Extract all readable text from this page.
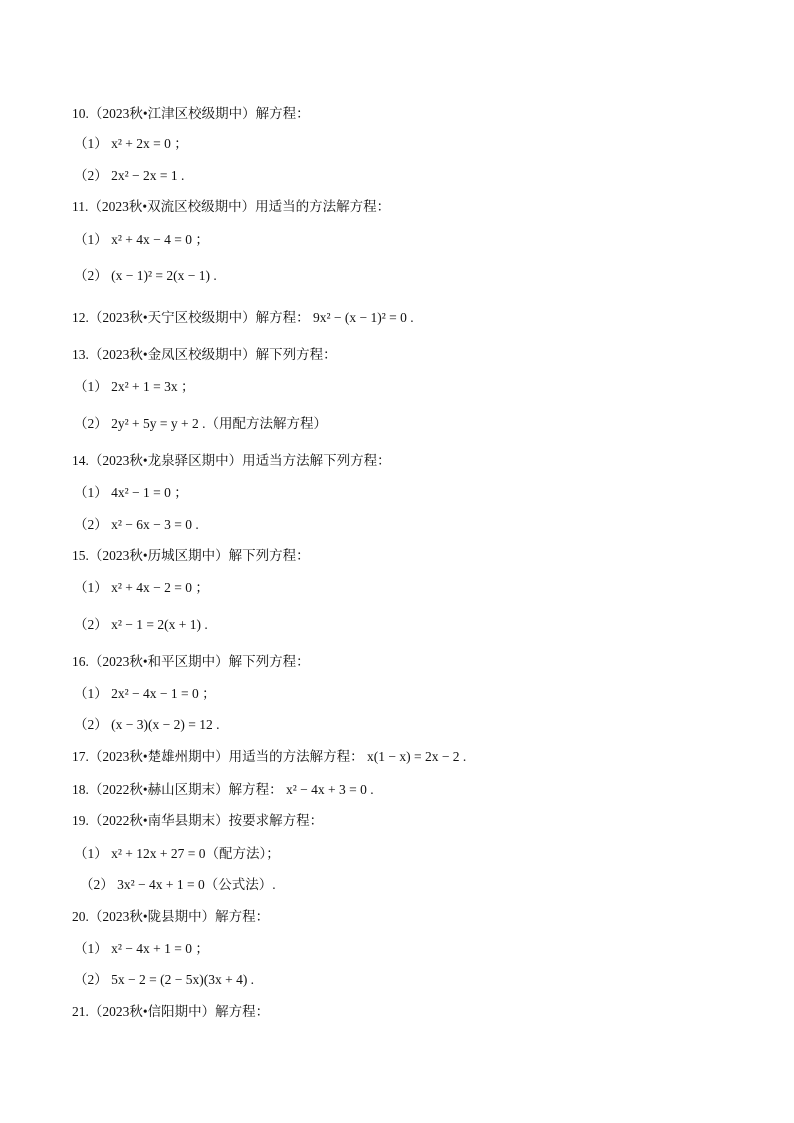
10.（2023秋•江津区校级期中）解方程：
（1） x² + 2x = 0 ；
（2） 2x² − 2x = 1 .
11.（2023秋•双流区校级期中）用适当的方法解方程：
（1） x² + 4x − 4 = 0 ；
（2） (x − 1)² = 2(x − 1) .
12.（2023秋•天宁区校级期中）解方程： 9x² − (x − 1)² = 0 .
13.（2023秋•金凤区校级期中）解下列方程：
（1） 2x² + 1 = 3x ；
（2） 2y² + 5y = y + 2 .（用配方法解方程）
14.（2023秋•龙泉驿区期中）用适当方法解下列方程：
（1） 4x² − 1 = 0 ；
（2） x² − 6x − 3 = 0 .
15.（2023秋•历城区期中）解下列方程：
（1） x² + 4x − 2 = 0 ；
（2） x² − 1 = 2(x + 1) .
16.（2023秋•和平区期中）解下列方程：
（1） 2x² − 4x − 1 = 0 ；
（2） (x − 3)(x − 2) = 12 .
17.（2023秋•楚雄州期中）用适当的方法解方程： x(1 − x) = 2x − 2 .
18.（2022秋•赫山区期末）解方程： x² − 4x + 3 = 0 .
19.（2022秋•南华县期末）按要求解方程：
（1） x² + 12x + 27 = 0（配方法）；
（2） 3x² − 4x + 1 = 0（公式法）.
20.（2023秋•陇县期中）解方程：
（1） x² − 4x + 1 = 0 ；
（2） 5x − 2 = (2 − 5x)(3x + 4) .
21.（2023秋•信阳期中）解方程：
